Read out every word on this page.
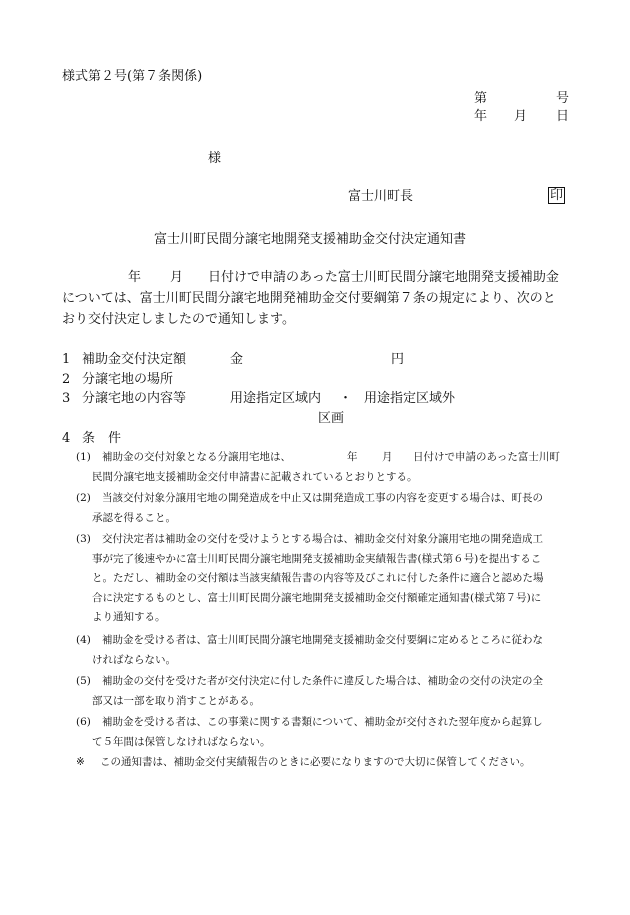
様式第２号(第７条関係)
第	号
年 月 日
様
富士川町長	印
富士川町民間分譲宅地開発支援補助金交付決定通知書
年 月 日付けで申請のあった富士川町民間分譲宅地開発支援補助金
については、富士川町民間分譲宅地開発補助金交付要綱第７条の規定により、次のと
おり交付決定しましたので通知します。
1 補助金交付決定額	金	円
2 分譲宅地の場所
3 分譲宅地の内容等	用途指定区域内 ・ 用途指定区域外
区画
4 条　件
(1) 補助金の交付対象となる分譲用宅地は、	年 月 日付けで申請のあった富士川町
民間分譲宅地支援補助金交付申請書に記載されているとおりとする。
(2)	当該交付対象分譲用宅地の開発造成を中止又は開発造成工事の内容を変更する場合は、町長の
承認を得ること。
(3)	交付決定者は補助金の交付を受けようとする場合は、補助金交付対象分譲用宅地の開発造成工
事が完了後速やかに富士川町民間分譲宅地開発支援補助金実績報告書(様式第６号)を提出するこ
と。ただし、補助金の交付額は当該実績報告書の内容等及びこれに付した条件に適合と認めた場
合に決定するものとし、富士川町民間分譲宅地開発支援補助金交付額確定通知書(様式第７号)に
より通知する。
(4)	補助金を受ける者は、富士川町民間分譲宅地開発支援補助金交付要綱に定めるところに従わな
ければならない。
(5)	補助金の交付を受けた者が交付決定に付した条件に違反した場合は、補助金の交付の決定の全
部又は一部を取り消すことがある。
(6)	補助金を受ける者は、この事業に関する書類について、補助金が交付された翌年度から起算し
て５年間は保管しなければならない。
※ この通知書は、補助金交付実績報告のときに必要になりますので大切に保管してください。
